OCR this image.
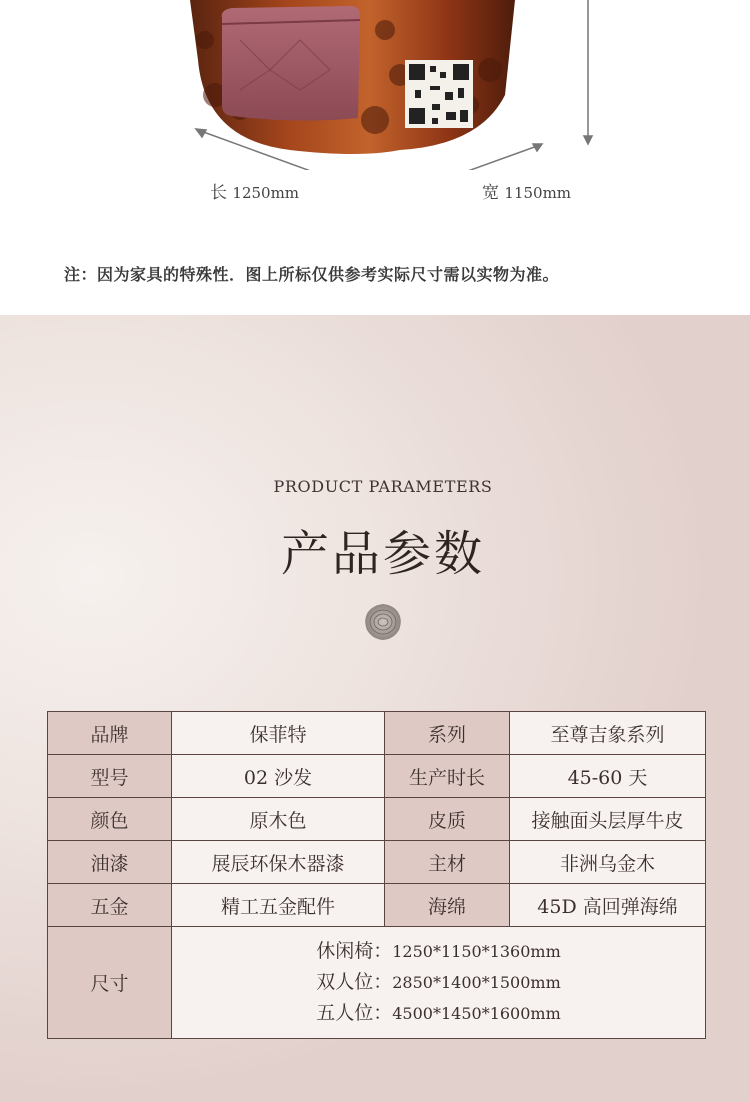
长 1250mm	宽 1150mm
注：因为家具的特殊性．图上所标仅供参考实际尺寸需以实物为准。
PRODUCT PARAMETERS
产品参数
品牌	保菲特	系列	至尊吉象系列
型号	02 沙发	生产时长	45-60 天
颜色	原木色	皮质	接触面头层厚牛皮
油漆	展辰环保木器漆	主材	非洲乌金木
五金	精工五金配件	海绵	45D 高回弹海绵
尺寸	休闲椅：1250*1150*1360mm
双人位：2850*1400*1500mm
五人位：4500*1450*1600mm		
